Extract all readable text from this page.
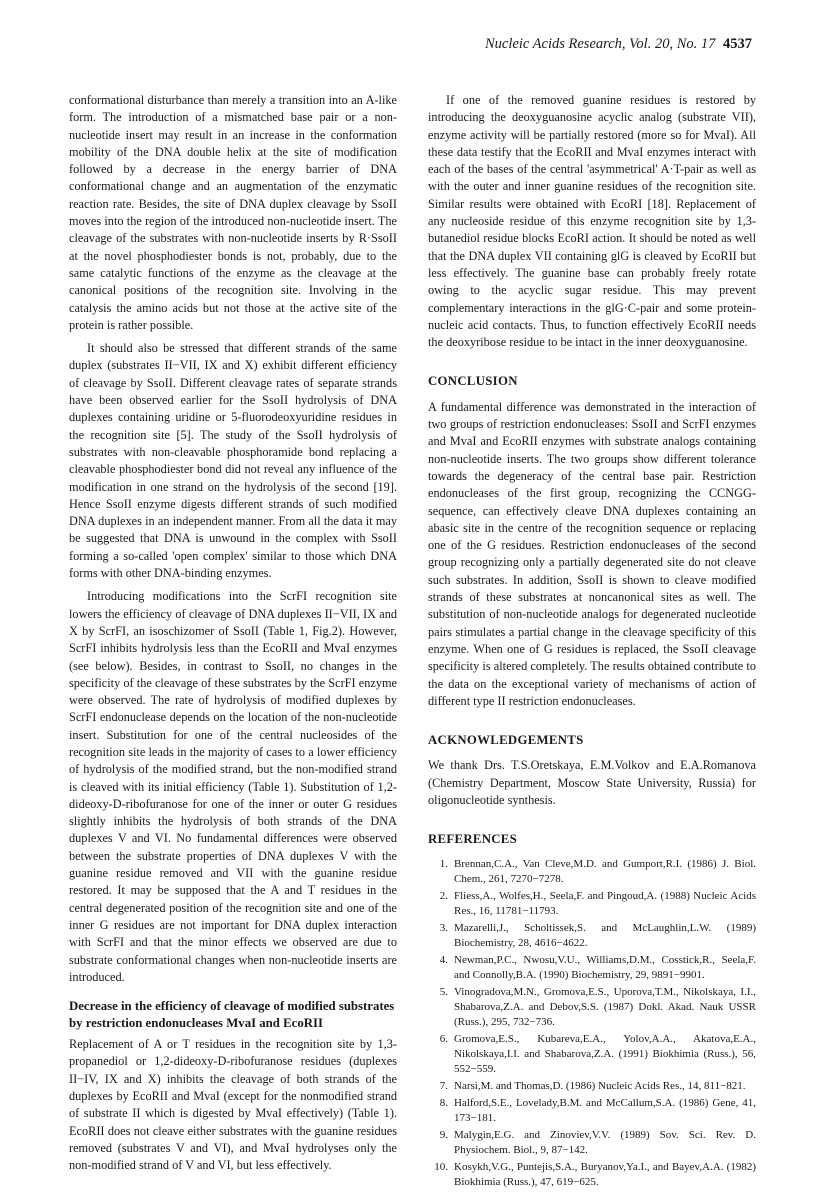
Nucleic Acids Research, Vol. 20, No. 17 4537

conformational disturbance than merely a transition into an A-like form. The introduction of a mismatched base pair or a non-nucleotide insert may result in an increase in the conformation mobility of the DNA double helix at the site of modification followed by a decrease in the energy barrier of DNA conformational change and an augmentation of the enzymatic reaction rate. Besides, the site of DNA duplex cleavage by SsoII moves into the region of the introduced non-nucleotide insert. The cleavage of the substrates with non-nucleotide inserts by R·SsoII at the novel phosphodiester bonds is not, probably, due to the same catalytic functions of the enzyme as the cleavage at the canonical positions of the recognition site. Involving in the catalysis the amino acids but not those at the active site of the protein is rather possible.

It should also be stressed that different strands of the same duplex (substrates II−VII, IX and X) exhibit different efficiency of cleavage by SsoII. Different cleavage rates of separate strands have been observed earlier for the SsoII hydrolysis of DNA duplexes containing uridine or 5-fluorodeoxyuridine residues in the recognition site [5]. The study of the SsoII hydrolysis of substrates with non-cleavable phosphoramide bond replacing a cleavable phosphodiester bond did not reveal any influence of the modification in one strand on the hydrolysis of the second [19]. Hence SsoII enzyme digests different strands of such modified DNA duplexes in an independent manner. From all the data it may be suggested that DNA is unwound in the complex with SsoII forming a so-called 'open complex' similar to those which DNA forms with other DNA-binding enzymes.

Introducing modifications into the ScrFI recognition site lowers the efficiency of cleavage of DNA duplexes II−VII, IX and X by ScrFI, an isoschizomer of SsoII (Table 1, Fig.2). However, ScrFI inhibits hydrolysis less than the EcoRII and MvaI enzymes (see below). Besides, in contrast to SsoII, no changes in the specificity of the cleavage of these substrates by the ScrFI enzyme were observed. The rate of hydrolysis of modified duplexes by ScrFI endonuclease depends on the location of the non-nucleotide insert. Substitution for one of the central nucleosides of the recognition site leads in the majority of cases to a lower efficiency of hydrolysis of the modified strand, but the non-modified strand is cleaved with its initial efficiency (Table 1). Substitution of 1,2-dideoxy-D-ribofuranose for one of the inner or outer G residues slightly inhibits the hydrolysis of both strands of the DNA duplexes V and VI. No fundamental differences were observed between the substrate properties of DNA duplexes V with the guanine residue removed and VII with the guanine residue restored. It may be supposed that the A and T residues in the central degenerated position of the recognition site and one of the inner G residues are not important for DNA duplex interaction with ScrFI and that the minor effects we observed are due to substrate conformational changes when non-nucleotide inserts are introduced.

Decrease in the efficiency of cleavage of modified substrates by restriction endonucleases MvaI and EcoRII

Replacement of A or T residues in the recognition site by 1,3-propanediol or 1,2-dideoxy-D-ribofuranose residues (duplexes II−IV, IX and X) inhibits the cleavage of both strands of the duplexes by EcoRII and MvaI (except for the nonmodified strand of substrate II which is digested by MvaI effectively) (Table 1). EcoRII does not cleave either substrates with the guanine residues removed (substrates V and VI), and MvaI hydrolyses only the non-modified strand of V and VI, but less effectively.

If one of the removed guanine residues is restored by introducing the deoxyguanosine acyclic analog (substrate VII), enzyme activity will be partially restored (more so for MvaI). All these data testify that the EcoRII and MvaI enzymes interact with each of the bases of the central 'asymmetrical' A·T-pair as well as with the outer and inner guanine residues of the recognition site. Similar results were obtained with EcoRI [18]. Replacement of any nucleoside residue of this enzyme recognition site by 1,3-butanediol residue blocks EcoRI action. It should be noted as well that the DNA duplex VII containing glG is cleaved by EcoRII but less effectively. The guanine base can probably freely rotate owing to the acyclic sugar residue. This may prevent complementary interactions in the glG·C-pair and some protein-nucleic acid contacts. Thus, to function effectively EcoRII needs the deoxyribose residue to be intact in the inner deoxyguanosine.

CONCLUSION

A fundamental difference was demonstrated in the interaction of two groups of restriction endonucleases: SsoII and ScrFI enzymes and MvaI and EcoRII enzymes with substrate analogs containing non-nucleotide inserts. The two groups show different tolerance towards the degeneracy of the central base pair. Restriction endonucleases of the first group, recognizing the CCNGG-sequence, can effectively cleave DNA duplexes containing an abasic site in the centre of the recognition sequence or replacing one of the G residues. Restriction endonucleases of the second group recognizing only a partially degenerated site do not cleave such substrates. In addition, SsoII is shown to cleave modified strands of these substrates at noncanonical sites as well. The substitution of non-nucleotide analogs for degenerated nucleotide pairs stimulates a partial change in the cleavage specificity of this enzyme. When one of G residues is replaced, the SsoII cleavage specificity is altered completely. The results obtained contribute to the data on the exceptional variety of mechanisms of action of different type II restriction endonucleases.

ACKNOWLEDGEMENTS

We thank Drs. T.S.Oretskaya, E.M.Volkov and E.A.Romanova (Chemistry Department, Moscow State University, Russia) for oligonucleotide synthesis.

REFERENCES
1. Brennan,C.A., Van Cleve,M.D. and Gumport,R.I. (1986) J. Biol. Chem., 261, 7270−7278.
2. Fliess,A., Wolfes,H., Seela,F. and Pingoud,A. (1988) Nucleic Acids Res., 16, 11781−11793.
3. Mazarelli,J., Scholtissek,S. and McLaughlin,L.W. (1989) Biochemistry, 28, 4616−4622.
4. Newman,P.C., Nwosu,V.U., Williams,D.M., Cosstick,R., Seela,F. and Connolly,B.A. (1990) Biochemistry, 29, 9891−9901.
5. Vinogradova,M.N., Gromova,E.S., Uporova,T.M., Nikolskaya, I.I., Shabarova,Z.A. and Debov,S.S. (1987) Dokl. Akad. Nauk USSR (Russ.), 295, 732−736.
6. Gromova,E.S., Kubareva,E.A., Yolov,A.A., Akatova,E.A., Nikolskaya,I.I. and Shabarova,Z.A. (1991) Biokhimia (Russ.), 56, 552−559.
7. Narsi,M. and Thomas,D. (1986) Nucleic Acids Res., 14, 811−821.
8. Halford,S.E., Lovelady,B.M. and McCallum,S.A. (1986) Gene, 41, 173−181.
9. Malygin,E.G. and Zinoviev,V.V. (1989) Sov. Sci. Rev. D. Physiochem. Biol., 9, 87−142.
10. Kosykh,V.G., Puntejis,S.A., Buryanov,Ya.I., and Bayev,A.A. (1982) Biokhimia (Russ.), 47, 619−625.
